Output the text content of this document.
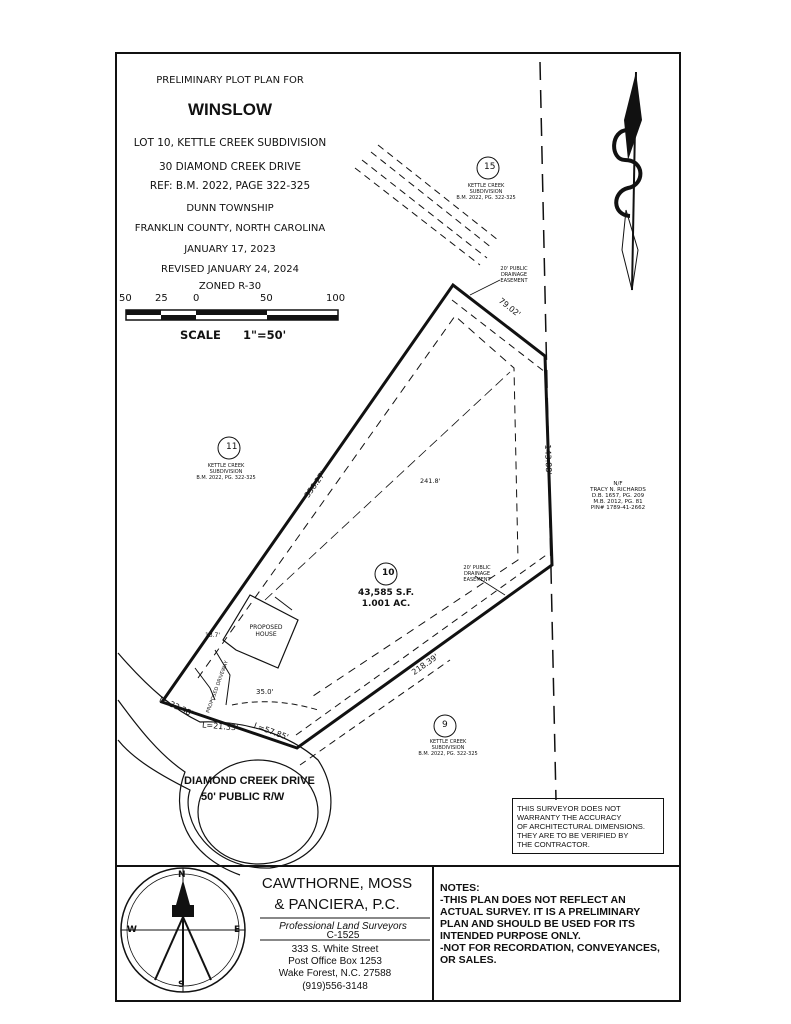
PRELIMINARY PLOT PLAN FOR
WINSLOW
LOT 10, KETTLE CREEK SUBDIVISION
30 DIAMOND CREEK DRIVE
REF: B.M. 2022, PAGE 322-325
DUNN TOWNSHIP
FRANKLIN COUNTY, NORTH CAROLINA
JANUARY 17, 2023
REVISED JANUARY 24, 2024
ZONED R-30
50 25	0	50	100
SCALE 1"=50'
15
KETTLE CREEK
SUBDIVISION
B.M. 2022, PG. 322-325
11
KETTLE CREEK
SUBDIVISION
B.M. 2022, PG. 322-325
9
KETTLE CREEK
SUBDIVISION
B.M. 2022, PG. 322-325
10
43,585 S.F.
1.001 AC.
N/F
TRACY N. RICHARDS
D.B. 1657, PG. 209
M.B. 2012, PG. 81
PIN# 1789-41-2662
356.27'
79.02'
143.88'
218.39'
241.8'
L=33.38'
L=21.35' L=57.85'
35.0'
13.7'
20' PUBLIC
DRAINAGE
EASEMENT
20' PUBLIC
DRAINAGE
EASEMENT
PROPOSED
HOUSE
PROPOSED DRIVEWAY
DIAMOND CREEK DRIVE
50' PUBLIC R/W
THIS SURVEYOR DOES NOT
WARRANTY THE ACCURACY
OF ARCHITECTURAL DIMENSIONS.
THEY ARE TO BE VERIFIED BY
THE CONTRACTOR.
N
S
E
W
CAWTHORNE, MOSS
& PANCIERA, P.C.
Professional Land Surveyors
C-1525
333 S. White Street
Post Office Box 1253
Wake Forest, N.C. 27588
(919)556-3148
NOTES:
-THIS PLAN DOES NOT REFLECT AN
ACTUAL SURVEY. IT IS A PRELIMINARY
PLAN AND SHOULD BE USED FOR ITS
INTENDED PURPOSE ONLY.
-NOT FOR RECORDATION, CONVEYANCES,
OR SALES.
